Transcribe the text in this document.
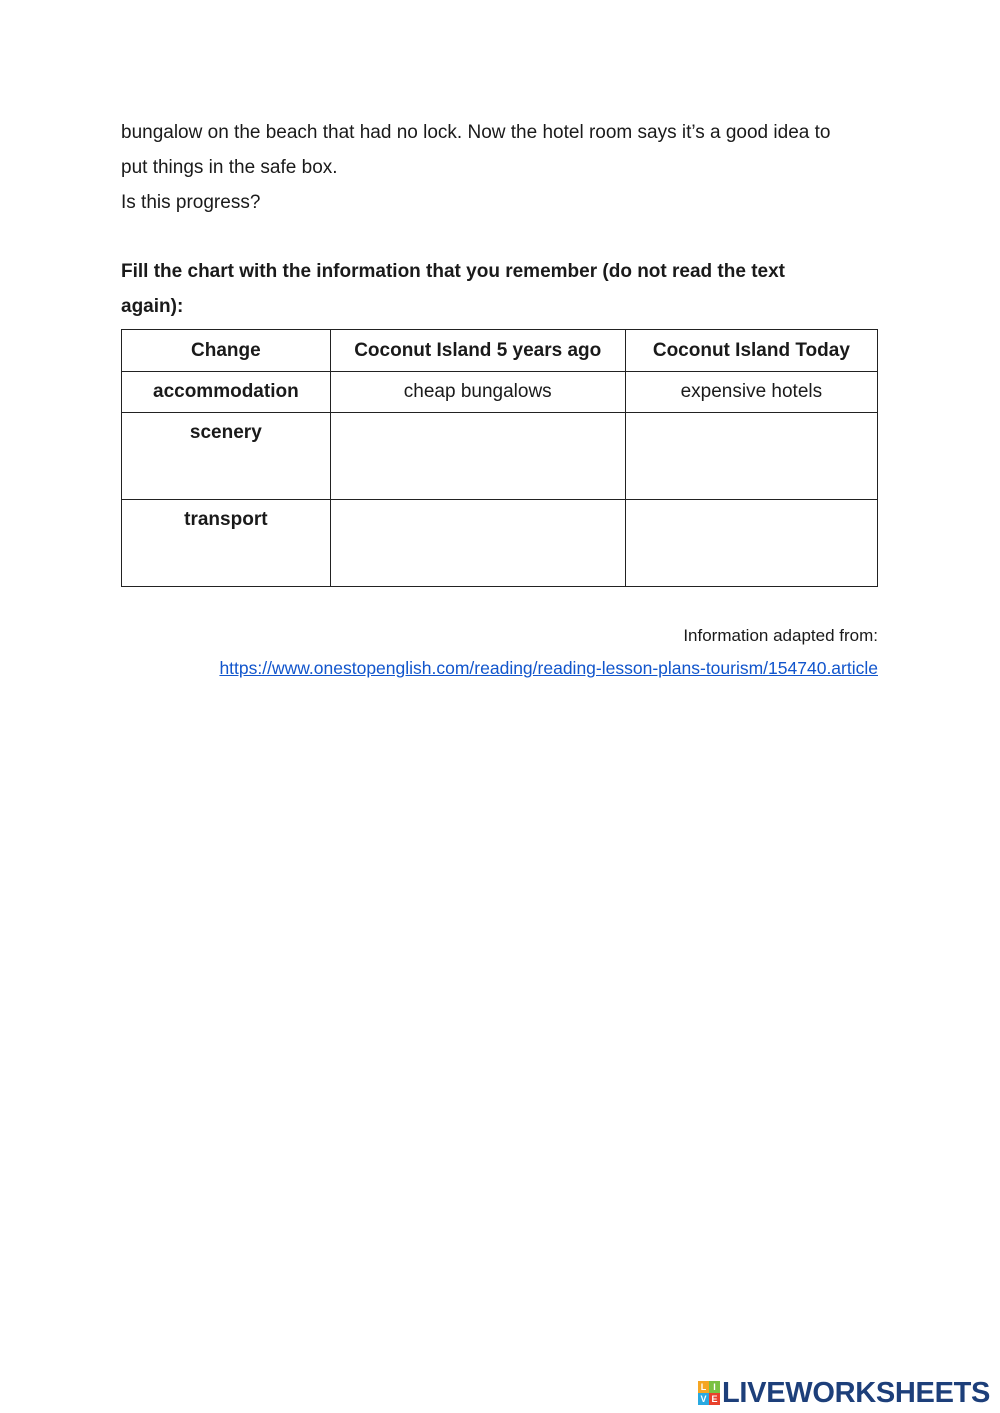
bungalow on the beach that had no lock. Now the hotel room says it’s a good idea to

put things in the safe box.

Is this progress?

Fill the chart with the information that you remember (do not read the text

again):

Change	Coconut Island 5 years ago	Coconut Island Today
accommodation	cheap bungalows	expensive hotels
scenery		
transport		
Information adapted from:
https://www.onestopenglish.com/reading/reading-lesson-plans-tourism/154740.article
L I
V E LIVEWORKSHEETS
